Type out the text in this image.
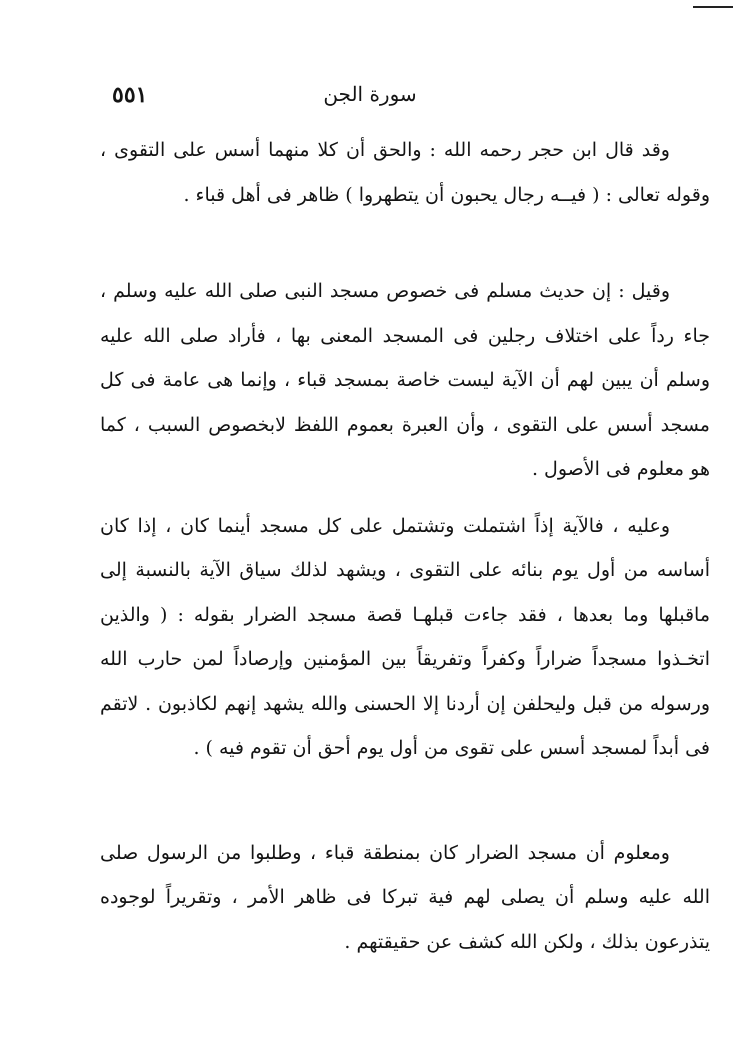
٥٥١	سورة الجن

وقد قال ابن حجر رحمه الله : والحق أن كلا منهما أسس على التقوى ، وقوله تعالى : ( فيــه رجال يحبون أن يتطهروا ) ظاهر فى أهل قباء .

وقيل : إن حديث مسلم فى خصوص مسجد النبى صلى الله عليه وسلم ، جاء رداً على اختلاف رجلين فى المسجد المعنى بها ، فأراد صلى الله عليه وسلم أن يبين لهم أن الآية ليست خاصة بمسجد قباء ، وإنما هى عامة فى كل مسجد أسس على التقوى ، وأن العبرة بعموم اللفظ لابخصوص السبب ، كما هو معلوم فى الأصول .

وعليه ، فالآية إذاً اشتملت وتشتمل على كل مسجد أينما كان ، إذا كان أساسه من أول يوم بنائه على التقوى ، ويشهد لذلك سياق الآية بالنسبة إلى ماقبلها وما بعدها ، فقد جاءت قبلهـا قصة مسجد الضرار بقوله : ( والذين اتخـذوا مسجداً ضراراً وكفراً وتفريقاً بين المؤمنين وإرصاداً لمن حارب الله ورسوله من قبل وليحلفن إن أردنا إلا الحسنى والله يشهد إنهم لكاذبون . لاتقم فى أبداً لمسجد أسس على تقوى من أول يوم أحق أن تقوم فيه ) .

ومعلوم أن مسجد الضرار كان بمنطقة قباء ، وطلبوا من الرسول صلى الله عليه وسلم أن يصلى لهم فية تبركا فى ظاهر الأمر ، وتقريراً لوجوده يتذرعون بذلك ، ولكن الله كشف عن حقيقتهم .
